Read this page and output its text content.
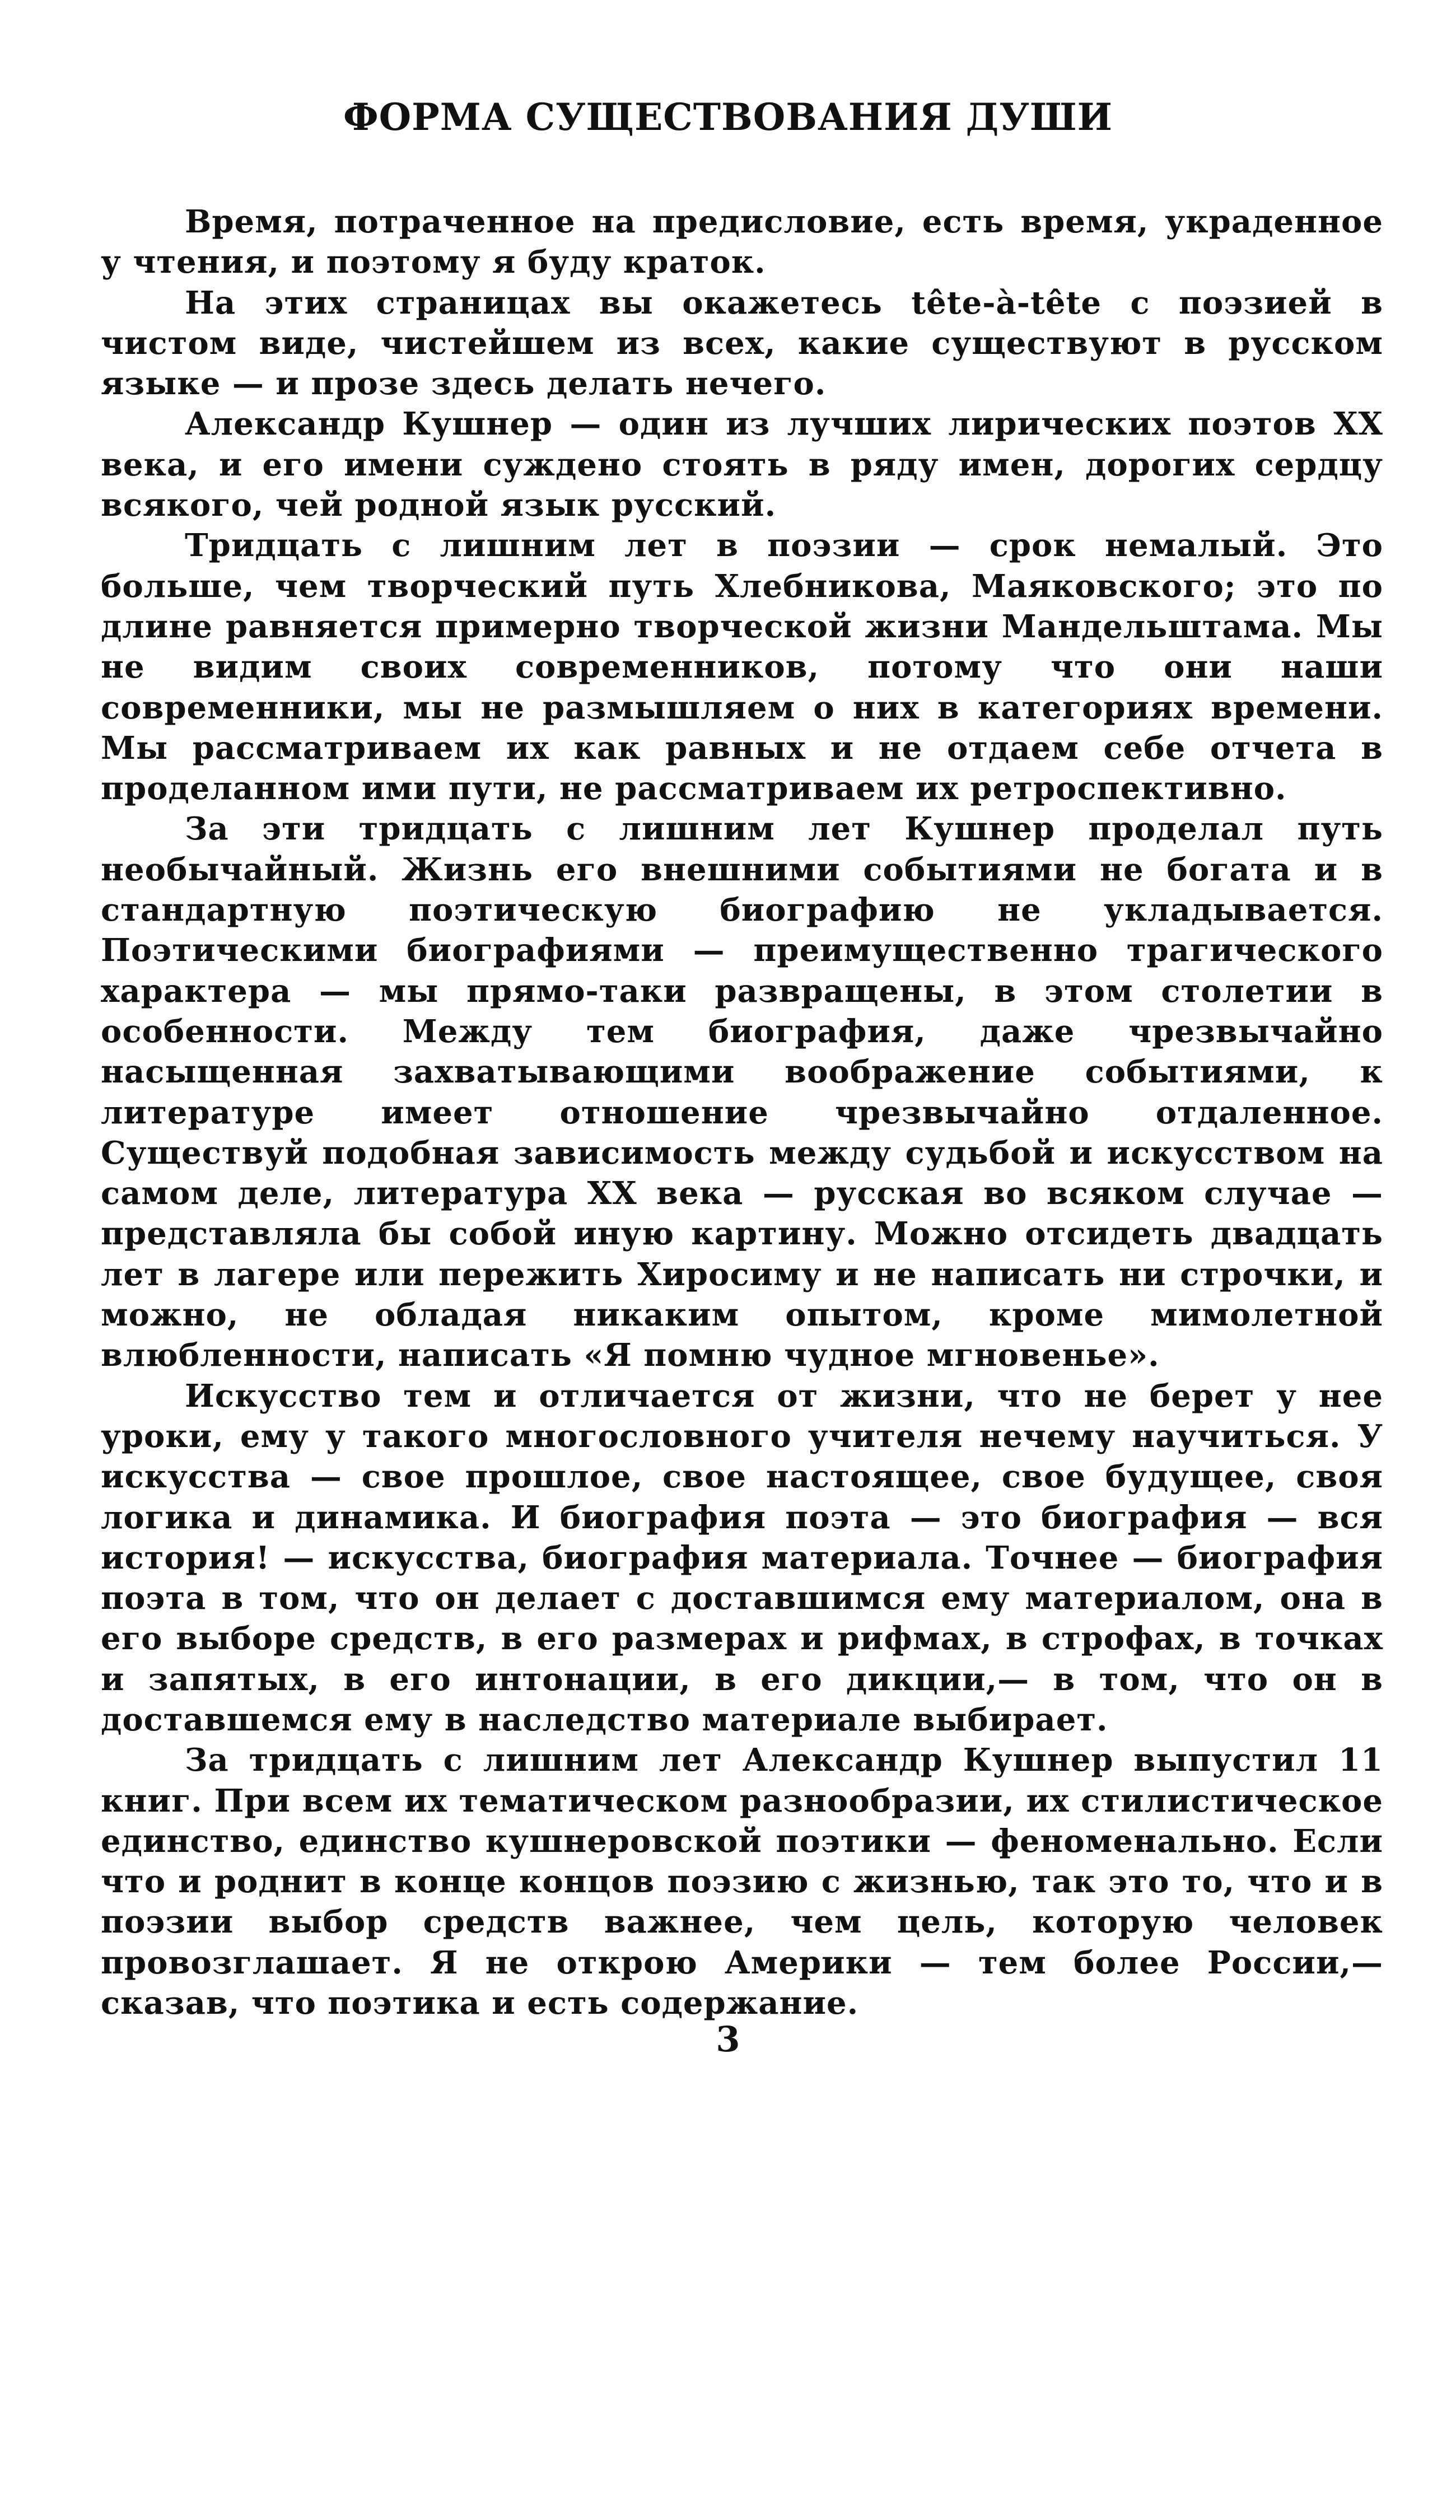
ФОРМА СУЩЕСТВОВАНИЯ ДУШИ

Время, потраченное на предисловие, есть время, украденное у чтения, и поэтому я буду краток.

На этих страницах вы окажетесь tête-à-tête с поэзией в чистом виде, чистейшем из всех, какие существуют в русском языке — и прозе здесь делать нечего.

Александр Кушнер — один из лучших лирических поэтов XX века, и его имени суждено стоять в ряду имен, дорогих сердцу всякого, чей родной язык русский.

Тридцать с лишним лет в поэзии — срок немалый. Это больше, чем творческий путь Хлебникова, Маяковского; это по длине равняется примерно творческой жизни Мандельштама. Мы не видим своих современников, потому что они наши современники, мы не размышляем о них в категориях времени. Мы рассматриваем их как равных и не отдаем себе отчета в проделанном ими пути, не рассматриваем их ретроспективно.

За эти тридцать с лишним лет Кушнер проделал путь необычайный. Жизнь его внешними событиями не богата и в стандартную поэтическую биографию не укладывается. Поэтическими биографиями — преимущественно трагического характера — мы прямо-таки развращены, в этом столетии в особенности. Между тем биография, даже чрезвычайно насыщенная захватывающими воображение событиями, к литературе имеет отношение чрезвычайно отдаленное. Существуй подобная зависимость между судьбой и искусством на самом деле, литература XX века — русская во всяком случае — представляла бы собой иную картину. Можно отсидеть двадцать лет в лагере или пережить Хиросиму и не написать ни строчки, и можно, не обладая никаким опытом, кроме мимолетной влюбленности, написать «Я помню чудное мгновенье».

Искусство тем и отличается от жизни, что не берет у нее уроки, ему у такого многословного учителя нечему научиться. У искусства — свое прошлое, свое настоящее, свое будущее, своя логика и динамика. И биография поэта — это биография — вся история! — искусства, биография материала. Точнее — биография поэта в том, что он делает с доставшимся ему материалом, она в его выборе средств, в его размерах и рифмах, в строфах, в точках и запятых, в его интонации, в его дикции,— в том, что он в доставшемся ему в наследство материале выбирает.

За тридцать с лишним лет Александр Кушнер выпустил 11 книг. При всем их тематическом разнообразии, их стилистическое единство, единство кушнеровской поэтики — феноменально. Если что и роднит в конце концов поэзию с жизнью, так это то, что и в поэзии выбор средств важнее, чем цель, которую человек провозглашает. Я не открою Америки — тем более России,— сказав, что поэтика и есть содержание.

3
